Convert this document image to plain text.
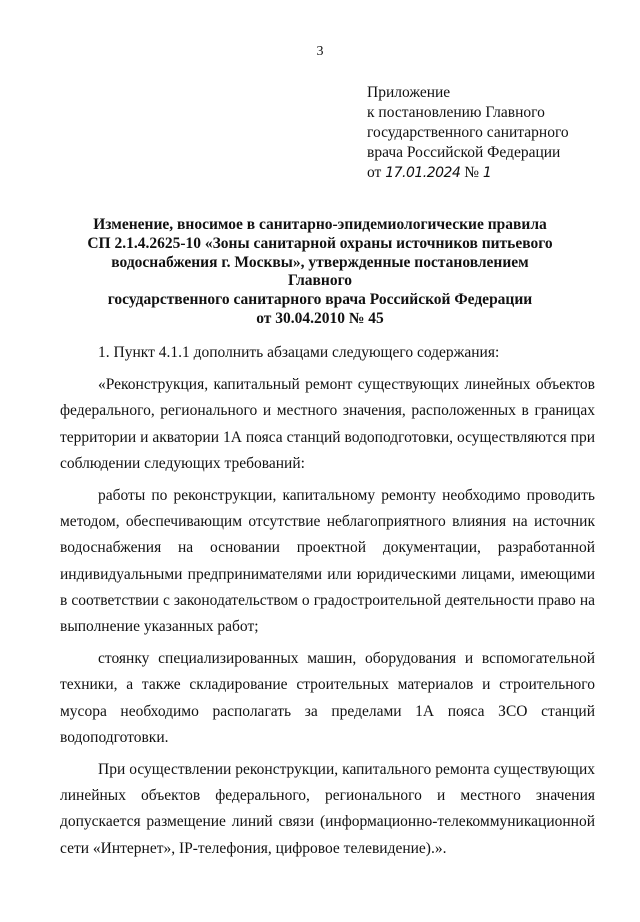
3
Приложение
к постановлению Главного
государственного санитарного
врача Российской Федерации
от 17.01.2024 № 1
Изменение, вносимое в санитарно-эпидемиологические правила
СП 2.1.4.2625-10 «Зоны санитарной охраны источников питьевого
водоснабжения г. Москвы», утвержденные постановлением Главного
государственного санитарного врача Российской Федерации
от 30.04.2010 № 45

1. Пункт 4.1.1 дополнить абзацами следующего содержания:

«Реконструкция, капитальный ремонт существующих линейных объектов федерального, регионального и местного значения, расположенных в границах территории и акватории 1А пояса станций водоподготовки, осуществляются при соблюдении следующих требований:

работы по реконструкции, капитальному ремонту необходимо проводить методом, обеспечивающим отсутствие неблагоприятного влияния на источник водоснабжения на основании проектной документации, разработанной индивидуальными предпринимателями или юридическими лицами, имеющими в соответствии с законодательством о градостроительной деятельности право на выполнение указанных работ;

стоянку специализированных машин, оборудования и вспомогательной техники, а также складирование строительных материалов и строительного мусора необходимо располагать за пределами 1А пояса ЗСО станций водоподготовки.

При осуществлении реконструкции, капитального ремонта существующих линейных объектов федерального, регионального и местного значения допускается размещение линий связи (информационно-телекоммуникационной сети «Интернет», IP-телефония, цифровое телевидение).».
